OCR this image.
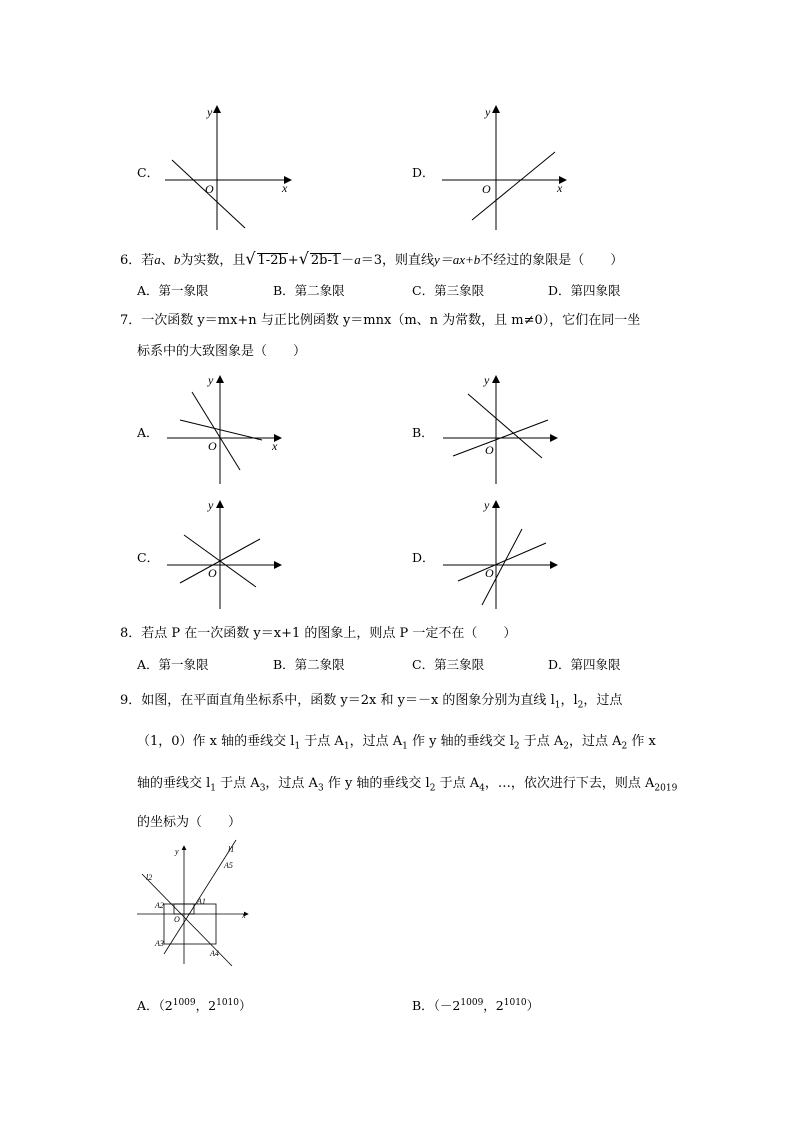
C．
y
x
O
D．
y
x
O
6．若a、b为实数，且√ 1-2b+√ 2b-1－a＝3，则直线y＝ax+b不经过的象限是（　　）
A．第一象限	B．第二象限	C．第三象限	D．第四象限
7．一次函数 y＝mx+n 与正比例函数 y＝mnx（m、n 为常数，且 m≠0），它们在同一坐
标系中的大致图象是（　　）
A．
y
x
O
B．
y
O
C．
y
O
D．
y
O
8．若点 P 在一次函数 y＝x+1 的图象上，则点 P 一定不在（　　）
A．第一象限	B．第二象限	C．第三象限	D．第四象限
9．如图，在平面直角坐标系中，函数 y＝2x 和 y＝－x 的图象分别为直线 $l_1$，$l_2$，过点
（1，0）作 x 轴的垂线交 $l_1$ 于点 $A_1$，过点 $A_1$ 作 y 轴的垂线交 $l_2$ 于点 $A_2$，过点 $A_2$ 作 x
轴的垂线交 $l_1$ 于点 $A_3$，过点 $A_3$ 作 y 轴的垂线交 $l_2$ 于点 $A_4$，…，依次进行下去，则点 $A_{2019}$
的坐标为（　　）
y
x
O
l1
l2
A1
A2
A3
A4
A5
A．（$2^{1009}$，$2^{1010}$）	B．（$-2^{1009}$，$2^{1010}$）
